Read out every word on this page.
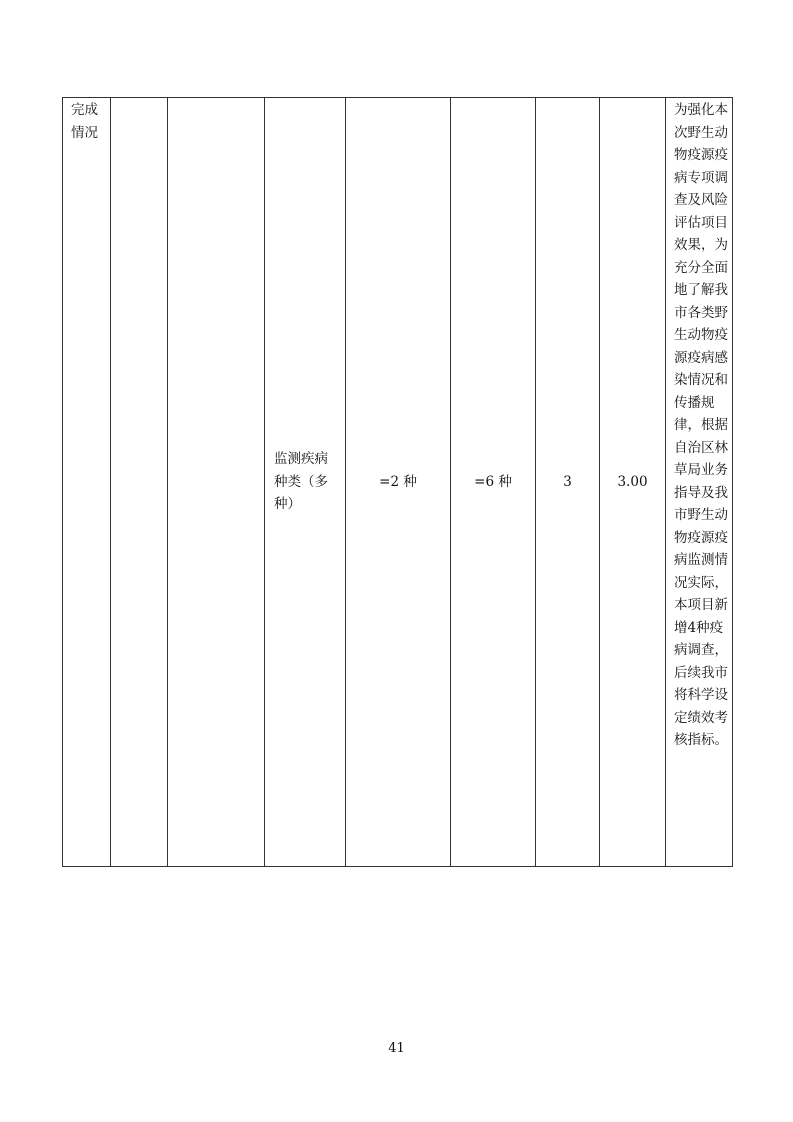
完成情况			监测疾病种类（多种）	=2 种	=6 种	3	3.00	为强化本次野生动物疫源疫病专项调查及风险评估项目效果，为充分全面地了解我市各类野生动物疫源疫病感染情况和传播规律，根据自治区林草局业务指导及我市野生动物疫源疫病监测情况实际，本项目新增4种疫病调查，后续我市将科学设定绩效考核指标。
41
